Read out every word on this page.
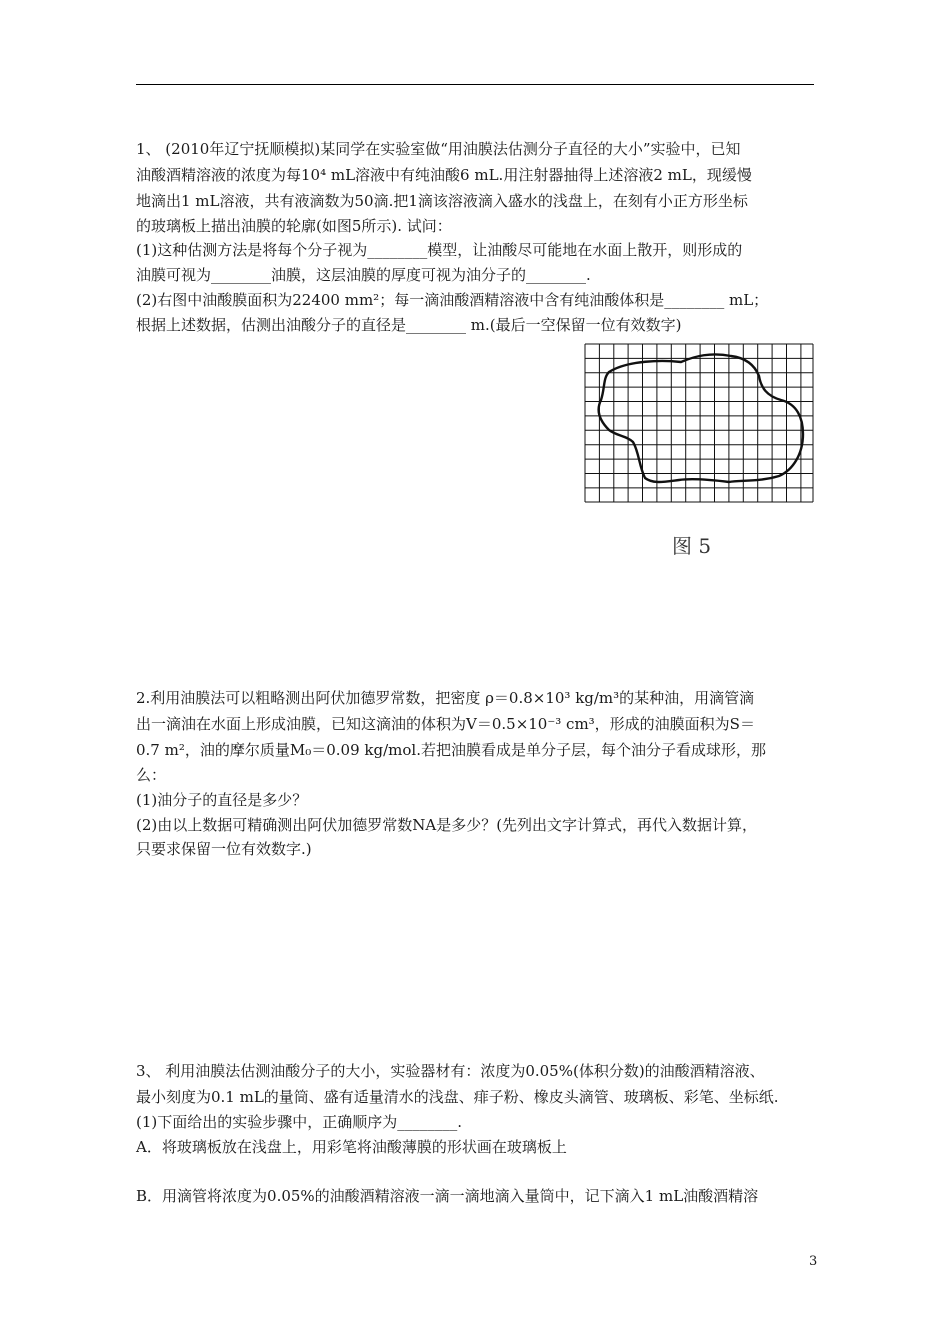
1、 (2010年辽宁抚顺模拟)某同学在实验室做“用油膜法估测分子直径的大小”实验中，已知
油酸酒精溶液的浓度为每10⁴ mL溶液中有纯油酸6 mL.用注射器抽得上述溶液2 mL，现缓慢
地滴出1 mL溶液，共有液滴数为50滴.把1滴该溶液滴入盛水的浅盘上，在刻有小正方形坐标
的玻璃板上描出油膜的轮廓(如图5所示). 试问：
(1)这种估测方法是将每个分子视为________模型，让油酸尽可能地在水面上散开，则形成的
油膜可视为________油膜，这层油膜的厚度可视为油分子的________.
(2)右图中油酸膜面积为22400 mm²；每一滴油酸酒精溶液中含有纯油酸体积是________ mL；
根据上述数据，估测出油酸分子的直径是________ m.(最后一空保留一位有效数字)
图 5
2.利用油膜法可以粗略测出阿伏加德罗常数，把密度 ρ＝0.8×10³ kg/m³的某种油，用滴管滴
出一滴油在水面上形成油膜，已知这滴油的体积为V＝0.5×10⁻³ cm³，形成的油膜面积为S＝
0.7 m²，油的摩尔质量M₀＝0.09 kg/mol.若把油膜看成是单分子层，每个油分子看成球形，那
么：
(1)油分子的直径是多少？
(2)由以上数据可精确测出阿伏加德罗常数NA是多少？(先列出文字计算式，再代入数据计算，
只要求保留一位有效数字.)
3、 利用油膜法估测油酸分子的大小，实验器材有：浓度为0.05%(体积分数)的油酸酒精溶液、
最小刻度为0.1 mL的量筒、盛有适量清水的浅盘、痱子粉、橡皮头滴管、玻璃板、彩笔、坐标纸.
(1)下面给出的实验步骤中，正确顺序为________.
A．将玻璃板放在浅盘上，用彩笔将油酸薄膜的形状画在玻璃板上
B．用滴管将浓度为0.05%的油酸酒精溶液一滴一滴地滴入量筒中，记下滴入1 mL油酸酒精溶
3
